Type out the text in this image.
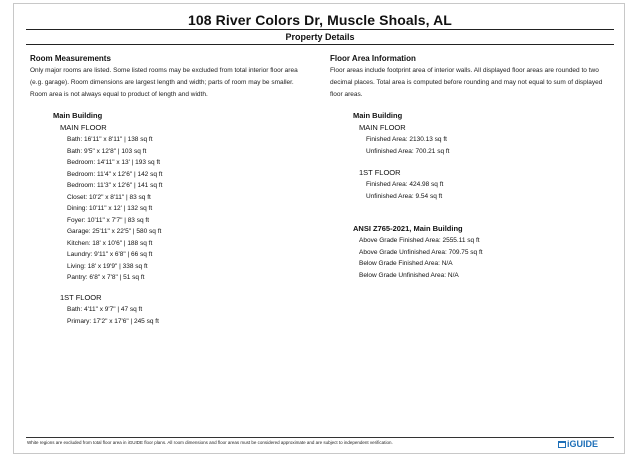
108 River Colors Dr, Muscle Shoals, AL
Property Details
Room Measurements
Only major rooms are listed. Some listed rooms may be excluded from total interior floor area
(e.g. garage). Room dimensions are largest length and width; parts of room may be smaller.
Room area is not always equal to product of length and width.
Main Building
MAIN FLOOR
Bath: 16'11" x 8'11" | 138 sq ft
Bath: 9'5" x 12'8" | 103 sq ft
Bedroom: 14'11" x 13' | 193 sq ft
Bedroom: 11'4" x 12'6" | 142 sq ft
Bedroom: 11'3" x 12'6" | 141 sq ft
Closet: 10'2" x 8'11" | 83 sq ft
Dining: 10'11" x 12' | 132 sq ft
Foyer: 10'11" x 7'7" | 83 sq ft
Garage: 25'11" x 22'5" | 580 sq ft
Kitchen: 18' x 10'6" | 188 sq ft
Laundry: 9'11" x 6'8" | 66 sq ft
Living: 18' x 19'9" | 338 sq ft
Pantry: 6'8" x 7'8" | 51 sq ft
1ST FLOOR
Bath: 4'11" x 9'7" | 47 sq ft
Primary: 17'2" x 17'6" | 245 sq ft
Floor Area Information
Floor areas include footprint area of interior walls. All displayed floor areas are rounded to two
decimal places. Total area is computed before rounding and may not equal to sum of displayed
floor areas.
Main Building
MAIN FLOOR
Finished Area: 2130.13 sq ft
Unfinished Area: 700.21 sq ft
1ST FLOOR
Finished Area: 424.98 sq ft
Unfinished Area: 9.54 sq ft
ANSI Z765-2021, Main Building
Above Grade Finished Area: 2555.11 sq ft
Above Grade Unfinished Area: 709.75 sq ft
Below Grade Finished Area: N/A
Below Grade Unfinished Area: N/A
White regions are excluded from total floor area in iGUIDE floor plans. All room dimensions and floor areas must be considered approximate and are subject to independent verification.	iGUIDE
